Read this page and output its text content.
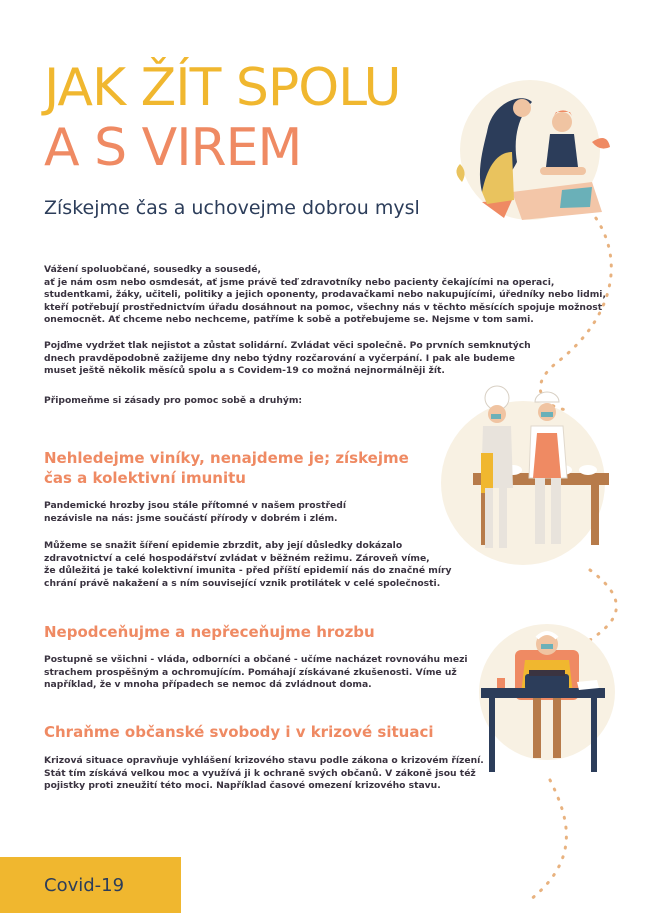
JAK ŽÍT SPOLU
A S VIREM
Získejme čas a uchovejme dobrou mysl

Vážení spoluobčané, sousedky a sousedé,
ať je nám osm nebo osmdesát, ať jsme právě teď zdravotníky nebo pacienty čekajícími na operaci,
studentkami, žáky, učiteli, politiky a jejich oponenty, prodavačkami nebo nakupujícími, úředníky nebo lidmi,
kteří potřebují prostřednictvím úřadu dosáhnout na pomoc, všechny nás v těchto měsících spojuje možnost
onemocnět. Ať chceme nebo nechceme, patříme k sobě a potřebujeme se. Nejsme v tom sami.

Pojďme vydržet tlak nejistot a zůstat solidární. Zvládat věci společně. Po prvních semknutých
dnech pravděpodobně zažijeme dny nebo týdny rozčarování a vyčerpání. I pak ale budeme
muset ještě několik měsíců spolu a s Covidem-19 co možná nejnormálněji žít.

Připomeňme si zásady pro pomoc sobě a druhým:

Nehledejme viníky, nenajdeme je; získejme
čas a kolektivní imunitu

Pandemické hrozby jsou stále přítomné v našem prostředí
nezávisle na nás: jsme součástí přírody v dobrém i zlém.

Můžeme se snažit šíření epidemie zbrzdit, aby její důsledky dokázalo
zdravotnictví a celé hospodářství zvládat v běžném režimu. Zároveň víme,
že důležitá je také kolektivní imunita - před příští epidemií nás do značné míry
chrání právě nakažení a s ním související vznik protilátek v celé společnosti.

Nepodceňujme a nepřeceňujme hrozbu

Postupně se všichni - vláda, odborníci a občané - učíme nacházet rovnováhu mezi
strachem prospěšným a ochromujícím. Pomáhají získávané zkušenosti. Víme už
například, že v mnoha případech se nemoc dá zvládnout doma.

Chraňme občanské svobody i v krizové situaci

Krizová situace opravňuje vyhlášení krizového stavu podle zákona o krizovém řízení.
Stát tím získává velkou moc a využívá ji k ochraně svých občanů. V zákoně jsou též
pojistky proti zneužití této moci. Například časové omezení krizového stavu.

Covid-19
